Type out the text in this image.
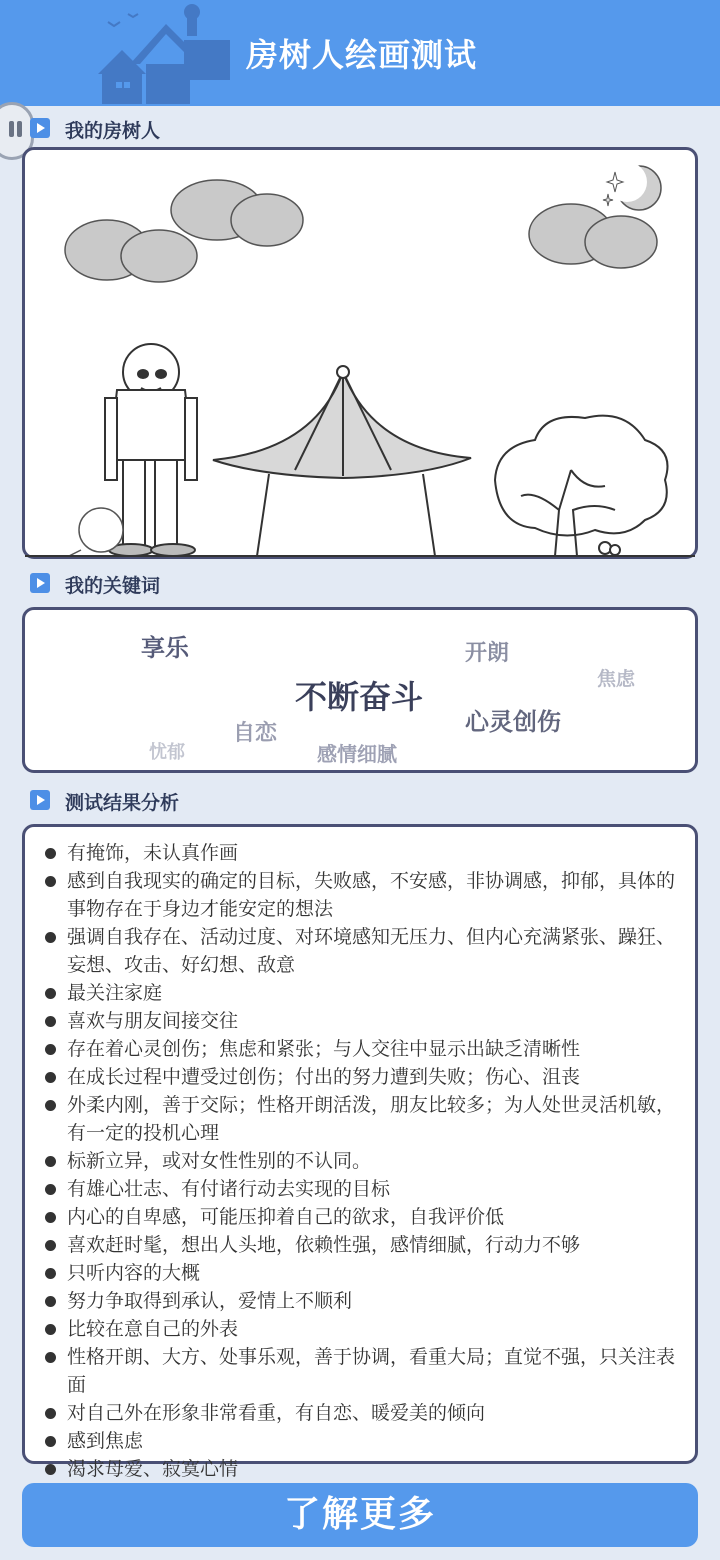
房树人绘画测试
我的房树人
我的关键词
享乐	开朗
焦虑
不断奋斗
心灵创伤
自恋
忧郁	感情细腻
测试结果分析
有掩饰，未认真作画
感到自我现实的确定的目标，失败感，不安感，非协调感，抑郁，具体的事物存在于身边才能安定的想法
强调自我存在、活动过度、对环境感知无压力、但内心充满紧张、躁狂、妄想、攻击、好幻想、敌意
最关注家庭
喜欢与朋友间接交往
存在着心灵创伤；焦虑和紧张；与人交往中显示出缺乏清晰性
在成长过程中遭受过创伤；付出的努力遭到失败；伤心、沮丧
外柔内刚，善于交际；性格开朗活泼，朋友比较多；为人处世灵活机敏，有一定的投机心理
标新立异，或对女性性别的不认同。
有雄心壮志、有付诸行动去实现的目标
内心的自卑感，可能压抑着自己的欲求，自我评价低
喜欢赶时髦，想出人头地，依赖性强，感情细腻，行动力不够
只听内容的大概
努力争取得到承认，爱情上不顺利
比较在意自己的外表
性格开朗、大方、处事乐观，善于协调，看重大局；直觉不强，只关注表面
对自己外在形象非常看重，有自恋、暖爱美的倾向
感到焦虑
渴求母爱、寂寞心情
了解更多
